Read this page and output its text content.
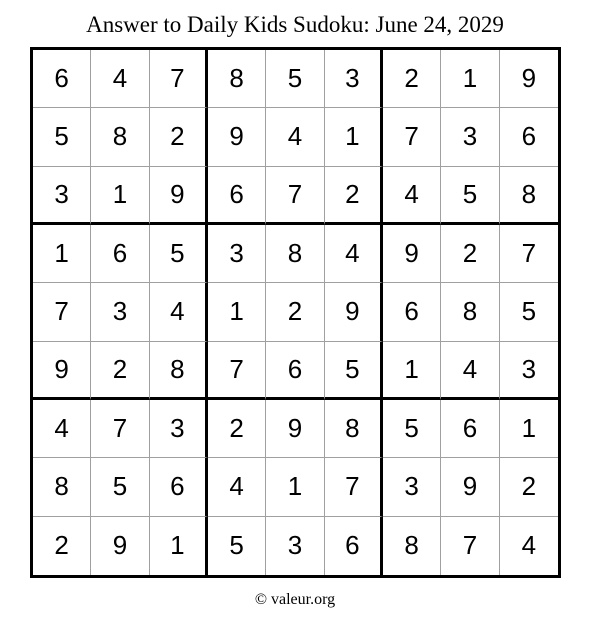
Answer to Daily Kids Sudoku: June 24, 2029
6	4	7	8	5	3	2	1	9
5	8	2	9	4	1	7	3	6
3	1	9	6	7	2	4	5	8
1	6	5	3	8	4	9	2	7
7	3	4	1	2	9	6	8	5
9	2	8	7	6	5	1	4	3
4	7	3	2	9	8	5	6	1
8	5	6	4	1	7	3	9	2
2	9	1	5	3	6	8	7	4
© valeur.org
